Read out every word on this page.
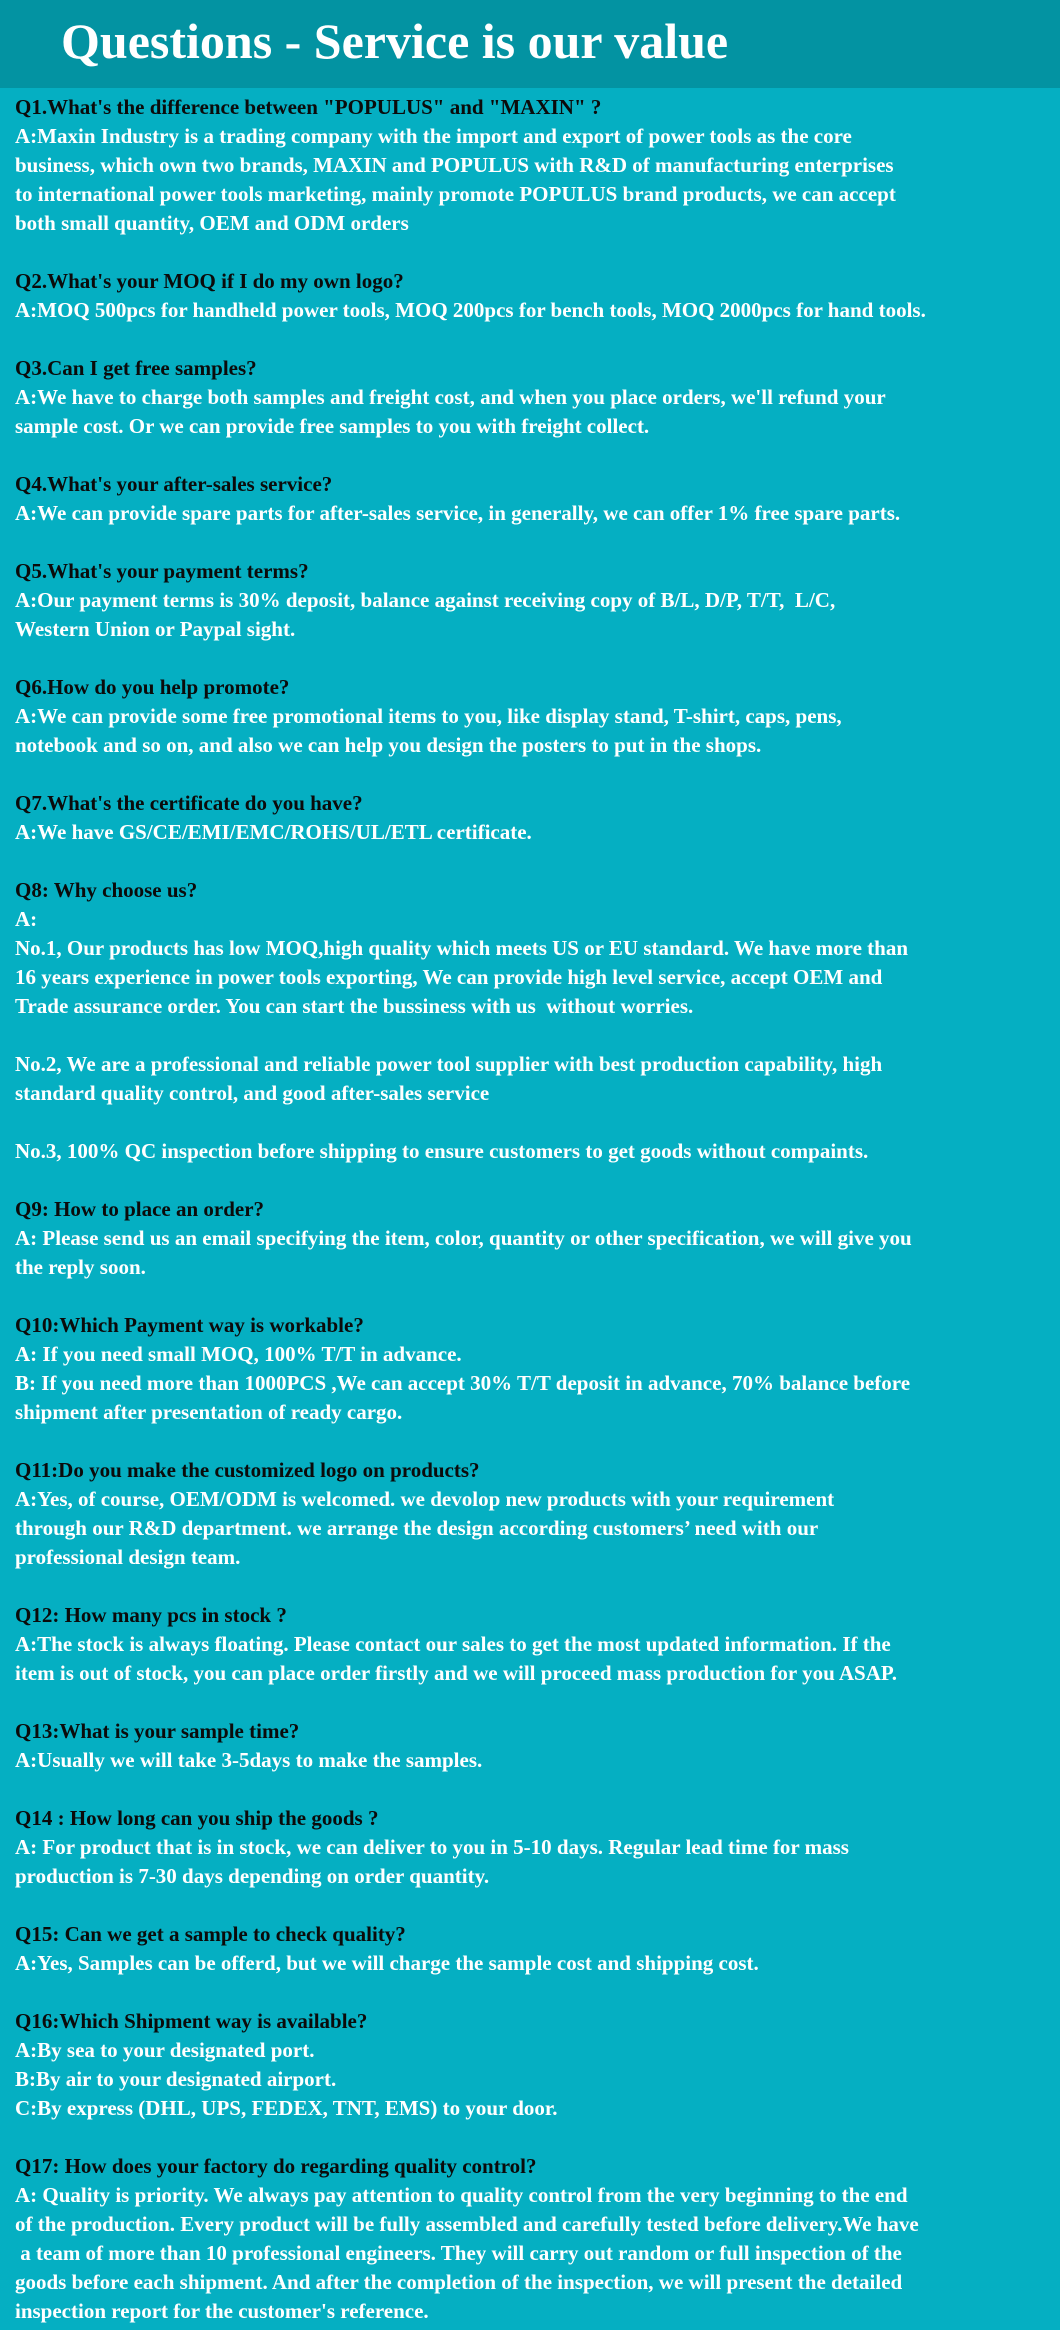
Questions - Service is our value
Q1.What's the difference between "POPULUS" and "MAXIN" ?
A:Maxin Industry is a trading company with the import and export of power tools as the core
business, which own two brands, MAXIN and POPULUS with R&D of manufacturing enterprises
to international power tools marketing, mainly promote POPULUS brand products, we can accept
both small quantity, OEM and ODM orders
Q2.What's your MOQ if I do my own logo?
A:MOQ 500pcs for handheld power tools, MOQ 200pcs for bench tools, MOQ 2000pcs for hand tools.
Q3.Can I get free samples?
A:We have to charge both samples and freight cost, and when you place orders, we'll refund your
sample cost. Or we can provide free samples to you with freight collect.
Q4.What's your after-sales service?
A:We can provide spare parts for after-sales service, in generally, we can offer 1% free spare parts.
Q5.What's your payment terms?
A:Our payment terms is 30% deposit, balance against receiving copy of B/L, D/P, T/T,  L/C,
Western Union or Paypal sight.
Q6.How do you help promote?
A:We can provide some free promotional items to you, like display stand, T-shirt, caps, pens,
notebook and so on, and also we can help you design the posters to put in the shops.
Q7.What's the certificate do you have?
A:We have GS/CE/EMI/EMC/ROHS/UL/ETL certificate.
Q8: Why choose us?
A:
No.1, Our products has low MOQ,high quality which meets US or EU standard. We have more than
16 years experience in power tools exporting, We can provide high level service, accept OEM and
Trade assurance order. You can start the bussiness with us  without worries.
No.2, We are a professional and reliable power tool supplier with best production capability, high
standard quality control, and good after-sales service
No.3, 100% QC inspection before shipping to ensure customers to get goods without compaints.
Q9: How to place an order?
A: Please send us an email specifying the item, color, quantity or other specification, we will give you
the reply soon.
Q10:Which Payment way is workable?
A: If you need small MOQ, 100% T/T in advance.
B: If you need more than 1000PCS ,We can accept 30% T/T deposit in advance, 70% balance before
shipment after presentation of ready cargo.
Q11:Do you make the customized logo on products?
A:Yes, of course, OEM/ODM is welcomed. we devolop new products with your requirement
through our R&D department. we arrange the design according customers’ need with our
professional design team.
Q12: How many pcs in stock ?
A:The stock is always floating. Please contact our sales to get the most updated information. If the
item is out of stock, you can place order firstly and we will proceed mass production for you ASAP.
Q13:What is your sample time?
A:Usually we will take 3-5days to make the samples.
Q14 : How long can you ship the goods ?
A: For product that is in stock, we can deliver to you in 5-10 days. Regular lead time for mass
production is 7-30 days depending on order quantity.
Q15: Can we get a sample to check quality?
A:Yes, Samples can be offerd, but we will charge the sample cost and shipping cost.
Q16:Which Shipment way is available?
A:By sea to your designated port.
B:By air to your designated airport.
C:By express (DHL, UPS, FEDEX, TNT, EMS) to your door.
Q17: How does your factory do regarding quality control?
A: Quality is priority. We always pay attention to quality control from the very beginning to the end
of the production. Every product will be fully assembled and carefully tested before delivery.We have
a team of more than 10 professional engineers. They will carry out random or full inspection of the
goods before each shipment. And after the completion of the inspection, we will present the detailed
inspection report for the customer's reference.
